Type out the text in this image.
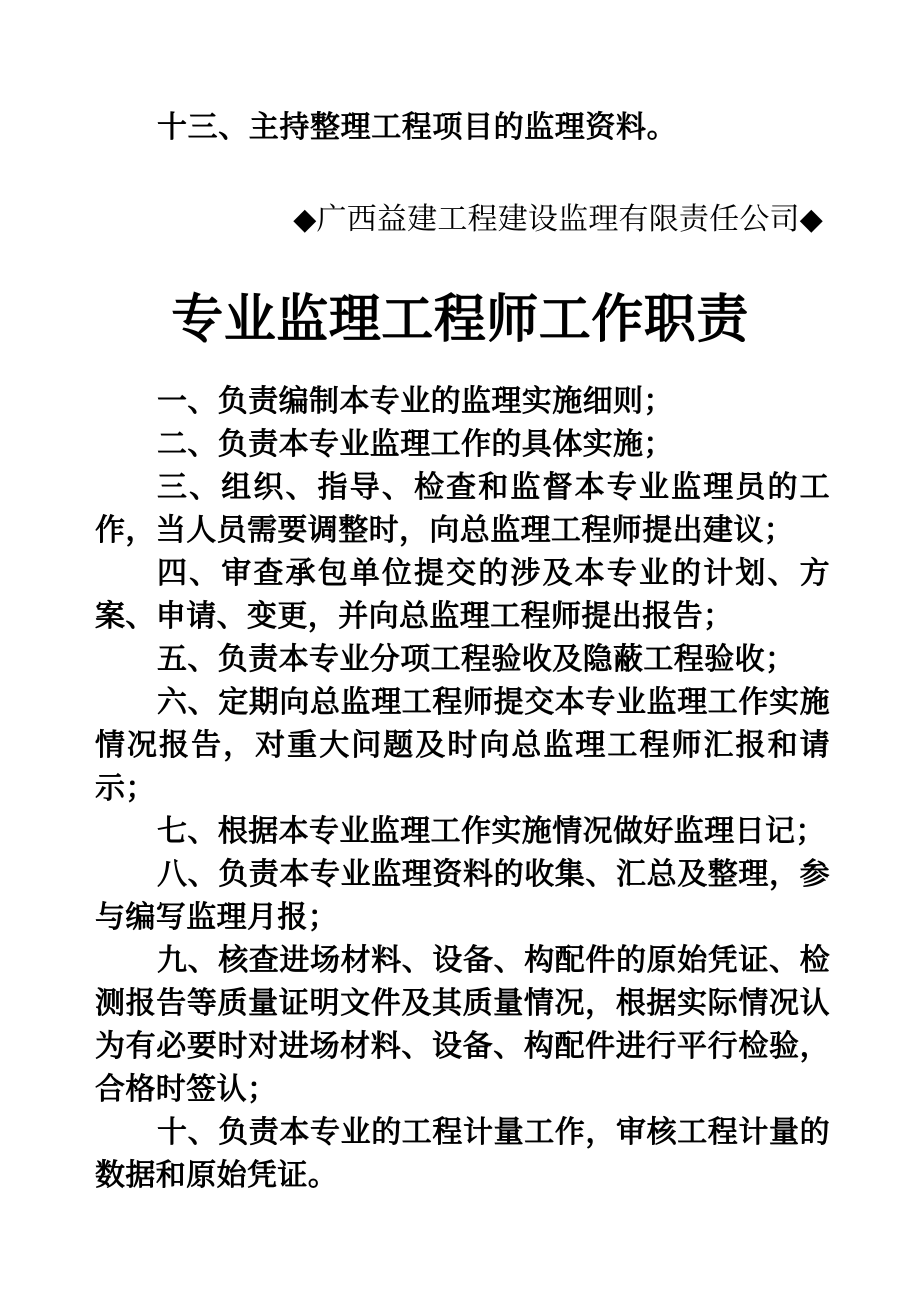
十三、主持整理工程项目的监理资料。
◆广西益建工程建设监理有限责任公司◆
专业监理工程师工作职责

一、负责编制本专业的监理实施细则；

二、负责本专业监理工作的具体实施；

三、组织、指导、检查和监督本专业监理员的工作，当人员需要调整时，向总监理工程师提出建议；

四、审查承包单位提交的涉及本专业的计划、方案、申请、变更，并向总监理工程师提出报告；

五、负责本专业分项工程验收及隐蔽工程验收；

六、定期向总监理工程师提交本专业监理工作实施情况报告，对重大问题及时向总监理工程师汇报和请示；

七、根据本专业监理工作实施情况做好监理日记；

八、负责本专业监理资料的收集、汇总及整理，参与编写监理月报；

九、核查进场材料、设备、构配件的原始凭证、检测报告等质量证明文件及其质量情况，根据实际情况认为有必要时对进场材料、设备、构配件进行平行检验，合格时签认；

十、负责本专业的工程计量工作，审核工程计量的数据和原始凭证。
